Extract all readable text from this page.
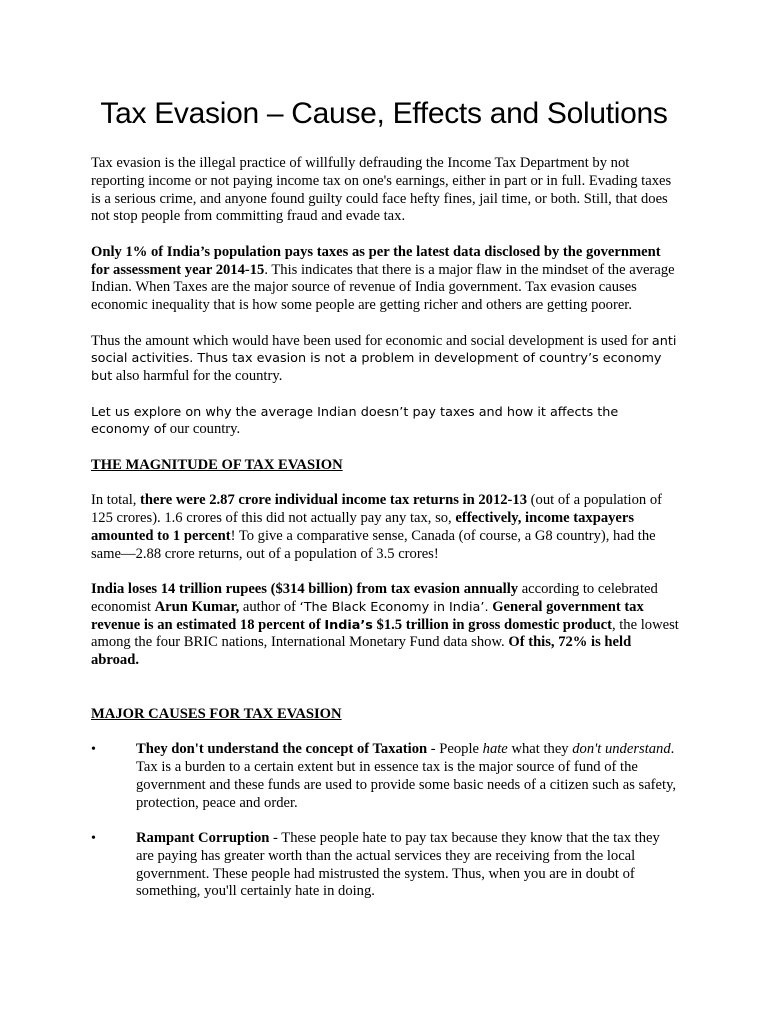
Tax Evasion – Cause, Effects and Solutions

Tax evasion is the illegal practice of willfully defrauding the Income Tax Department by not reporting income or not paying income tax on one's earnings, either in part or in full. Evading taxes is a serious crime, and anyone found guilty could face hefty fines, jail time, or both. Still, that does not stop people from committing fraud and evade tax.

Only 1% of India’s population pays taxes as per the latest data disclosed by the government for assessment year 2014-15. This indicates that there is a major flaw in the mindset of the average Indian. When Taxes are the major source of revenue of India government. Tax evasion causes economic inequality that is how some people are getting richer and others are getting poorer.

Thus the amount which would have been used for economic and social development is used for anti social activities. Thus tax evasion is not a problem in development of country’s economy but also harmful for the country.

Let us explore on why the average Indian doesn’t pay taxes and how it affects the economy of our country.

THE MAGNITUDE OF TAX EVASION

In total, there were 2.87 crore individual income tax returns in 2012-13 (out of a population of 125 crores). 1.6 crores of this did not actually pay any tax, so, effectively, income taxpayers amounted to 1 percent! To give a comparative sense, Canada (of course, a G8 country), had the same—2.88 crore returns, out of a population of 3.5 crores!

India loses 14 trillion rupees ($314 billion) from tax evasion annually according to celebrated economist Arun Kumar, author of ‘The Black Economy in India’. General government tax revenue is an estimated 18 percent of India’s $1.5 trillion in gross domestic product, the lowest among the four BRIC nations, International Monetary Fund data show. Of this, 72% is held abroad.

MAJOR CAUSES FOR TAX EVASION
•	They don't understand the concept of Taxation - People hate what they don't understand. Tax is a burden to a certain extent but in essence tax is the major source of fund of the government and these funds are used to provide some basic needs of a citizen such as safety, protection, peace and order.
•	Rampant Corruption - These people hate to pay tax because they know that the tax they are paying has greater worth than the actual services they are receiving from the local government. These people had mistrusted the system. Thus, when you are in doubt of something, you'll certainly hate in doing.
